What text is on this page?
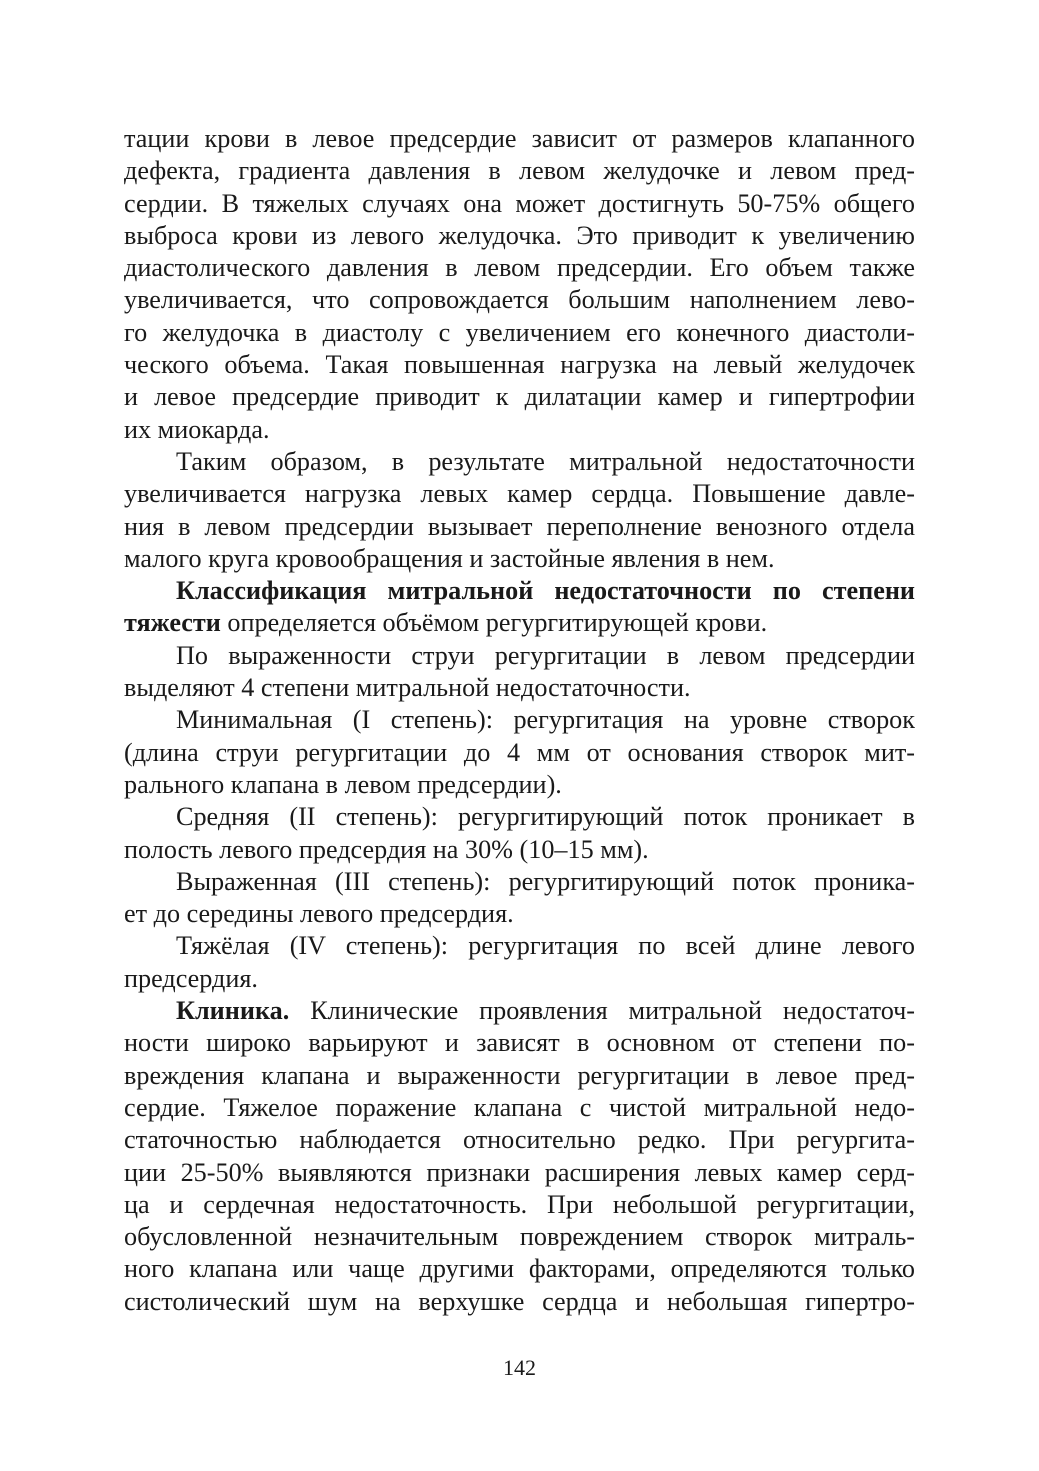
тации крови в левое предсердие зависит от размеров клапанного
дефекта, градиента давления в левом желудочке и левом пред-
сердии. В тяжелых случаях она может достигнуть 50-75% общего
выброса крови из левого желудочка. Это приводит к увеличению
диастолического давления в левом предсердии. Его объем также
увеличивается, что сопровождается большим наполнением лево-
го желудочка в диастолу с увеличением его конечного диастоли-
ческого объема. Такая повышенная нагрузка на левый желудочек
и левое предсердие приводит к дилатации камер и гипертрофии
их миокарда.

Таким образом, в результате митральной недостаточности
увеличивается нагрузка левых камер сердца. Повышение давле-
ния в левом предсердии вызывает переполнение венозного отдела
малого круга кровообращения и застойные явления в нем.

Классификация митральной недостаточности по степени
тяжести определяется объёмом регургитирующей крови.

По выраженности струи регургитации в левом предсердии
выделяют 4 степени митральной недостаточности.

Минимальная (I степень): регургитация на уровне створок
(длина струи регургитации до 4 мм от основания створок мит-
рального клапана в левом предсердии).

Средняя (II степень): регургитирующий поток проникает в
полость левого предсердия на 30% (10–15 мм).

Выраженная (III степень): регургитирующий поток проника-
ет до середины левого предсердия.

Тяжёлая (IV степень): регургитация по всей длине левого
предсердия.

Клиника. Клинические проявления митральной недостаточ-
ности широко варьируют и зависят в основном от степени по-
вреждения клапана и выраженности регургитации в левое пред-
сердие. Тяжелое поражение клапана с чистой митральной недо-
статочностью наблюдается относительно редко. При регургита-
ции 25-50% выявляются признаки расширения левых камер серд-
ца и сердечная недостаточность. При небольшой регургитации,
обусловленной незначительным повреждением створок митраль-
ного клапана или чаще другими факторами, определяются только
систолический шум на верхушке сердца и небольшая гипертро-

142
